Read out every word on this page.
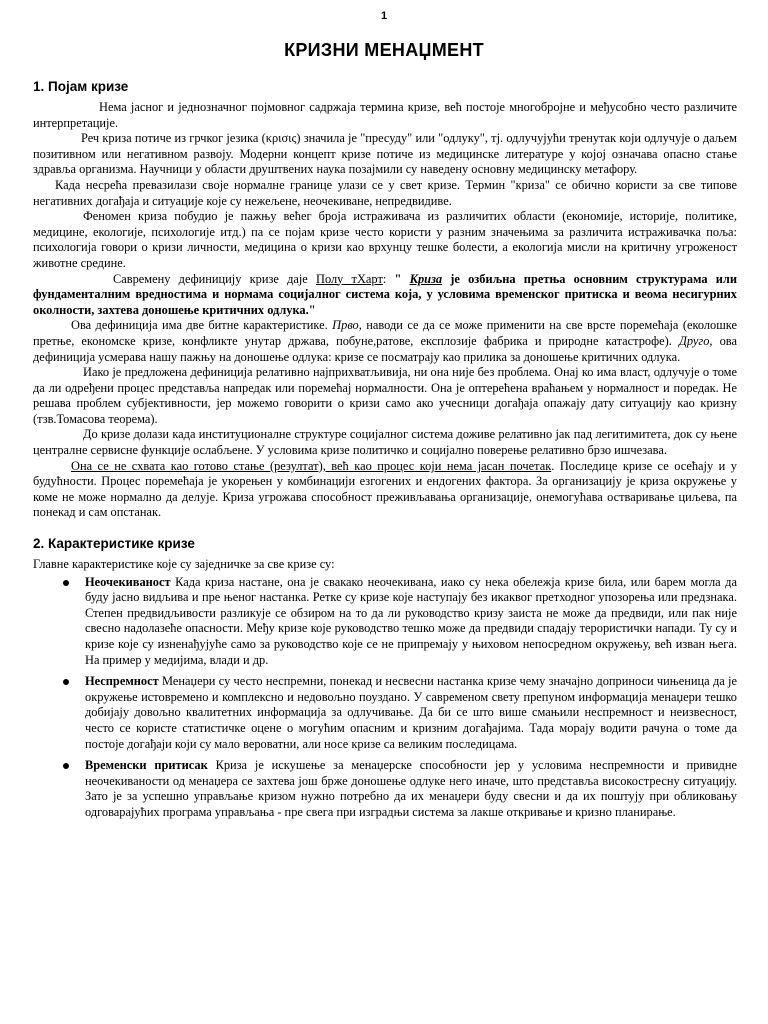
1
КРИЗНИ МЕНАЏМЕНТ
1. Појам кризе

Нема јасног и једнозначног појмовног садржаја термина кризе, већ постоје многобројне и међусобно често различите интерпретације.

Реч криза потиче из грчког језика (κρισις) значила је "пресуду" или "одлуку", тј. одлучујући тренутак који одлучује о даљем позитивном или негативном развоју. Модерни концепт кризе потиче из медицинске литературе у којој означава опасно стање здравља организма. Научници у области друштвених наука позајмили су наведену основну медицинску метафору.

Када несрећа превазилази своје нормалне границе улази се у свет кризе. Термин "криза" се обично користи за све типове негативних догађаја и ситуације које су нежељене, неочекиване, непредвидиве.

Феномен криза побудио је пажњу већег броја истраживача из различитих области (економије, историје, политике, медицине, екологије, психологије итд.) па се појам кризе често користи у разним значењима за различита истраживачка поља: психологија говори о кризи личности, медицина о кризи као врхунцу тешке болести, а екологија мисли на критичну угроженост животне средине.

Савремену дефиницију кризе даје Полу тХарт: " Криза је озбиљна претња основним структурама или фундаменталним вредностима и нормама социјалног система која, у условима временског притиска и веома несигурних околности, захтева доношење критичних одлука."

Ова дефиниција има две битне карактеристике. Прво, наводи се да се може применити на све врсте поремећаја (еколошке претње, економске кризе, конфликте унутар држава, побуне,ратове, експлозије фабрика и природне катастрофе). Друго, ова дефиниција усмерава нашу пажњу на доношење одлука: кризе се посматрају као прилика за доношење критичних одлука.

Иако је предложена дефиниција релативно најприхватљивија, ни она није без проблема. Онај ко има власт, одлучује о томе да ли одређени процес представља напредак или поремећај нормалности. Она је оптерећена враћањем у нормалност и поредак. Не решава проблем субјективности, јер можемо говорити о кризи само ако учесници догађаја опажају дату ситуацију као кризну (тзв.Томасова теорема).

До кризе долази када институционалне структуре социјалног система доживе релативно јак пад легитимитета, док су њене централне сервисне функције ослабљене. У условима кризе политичко и социјално поверење релативно брзо ишчезава.

Она се не схвата као готово стање (резултат), већ као процес који нема јасан почетак. Последице кризе се осећају и у будућности. Процес поремећаја је укорењен у комбинацији езгогених и ендогених фактора. За организацију је криза окружење у коме не може нормално да делује. Криза угрожава способност преживљавања организације, онемогућава остваривање циљева, па понекад и сам опстанак.

2. Карактеристике кризе

Главне карактеристике које су заједничке за све кризе су:

Неочекиваност Када криза настане, она је свакако неочекивана, иако су нека обележја кризе била, или барем могла да буду јасно видљива и пре њеног настанка. Ретке су кризе које наступају без икаквог претходног упозорења или предзнака. Степен предвидљивости разликује се обзиром на то да ли руководство кризу заиста не може да предвиди, или пак није свесно надолазеће опасности. Међу кризе које руководство тешко може да предвиди спадају терористички напади. Ту су и кризе које су изненађујуће само за руководство које се не припремају у њиховом непосредном окружењу, већ изван њега. На пример у медијима, влади и др.
Неспремност Менаџери су често неспремни, понекад и несвесни настанка кризе чему значајно доприноси чињеница да је окружење истовремено и комплексно и недовољно поуздано. У савременом свету препуном информација менаџери тешко добијају довољно квалитетних информација за одлучивање. Да би се што више смањили неспремност и неизвесност, често се користе статистичке оцене о могућим опасним и кризним догађајима. Тада морају водити рачуна о томе да постоје догађаји који су мало вероватни, али носе кризе са великим последицама.
Временски притисак Криза је искушење за менаџерске способности јер у условима неспремности и привидне неочекиваности од менаџера се захтева још брже доношење одлуке него иначе, што представља високостресну ситуацију. Зато је за успешно управљање кризом нужно потребно да их менаџери буду свесни и да их поштују при обликовању одговарајућих програма управљања - пре свега при изградњи система за лакше откривање и кризно планирање.
